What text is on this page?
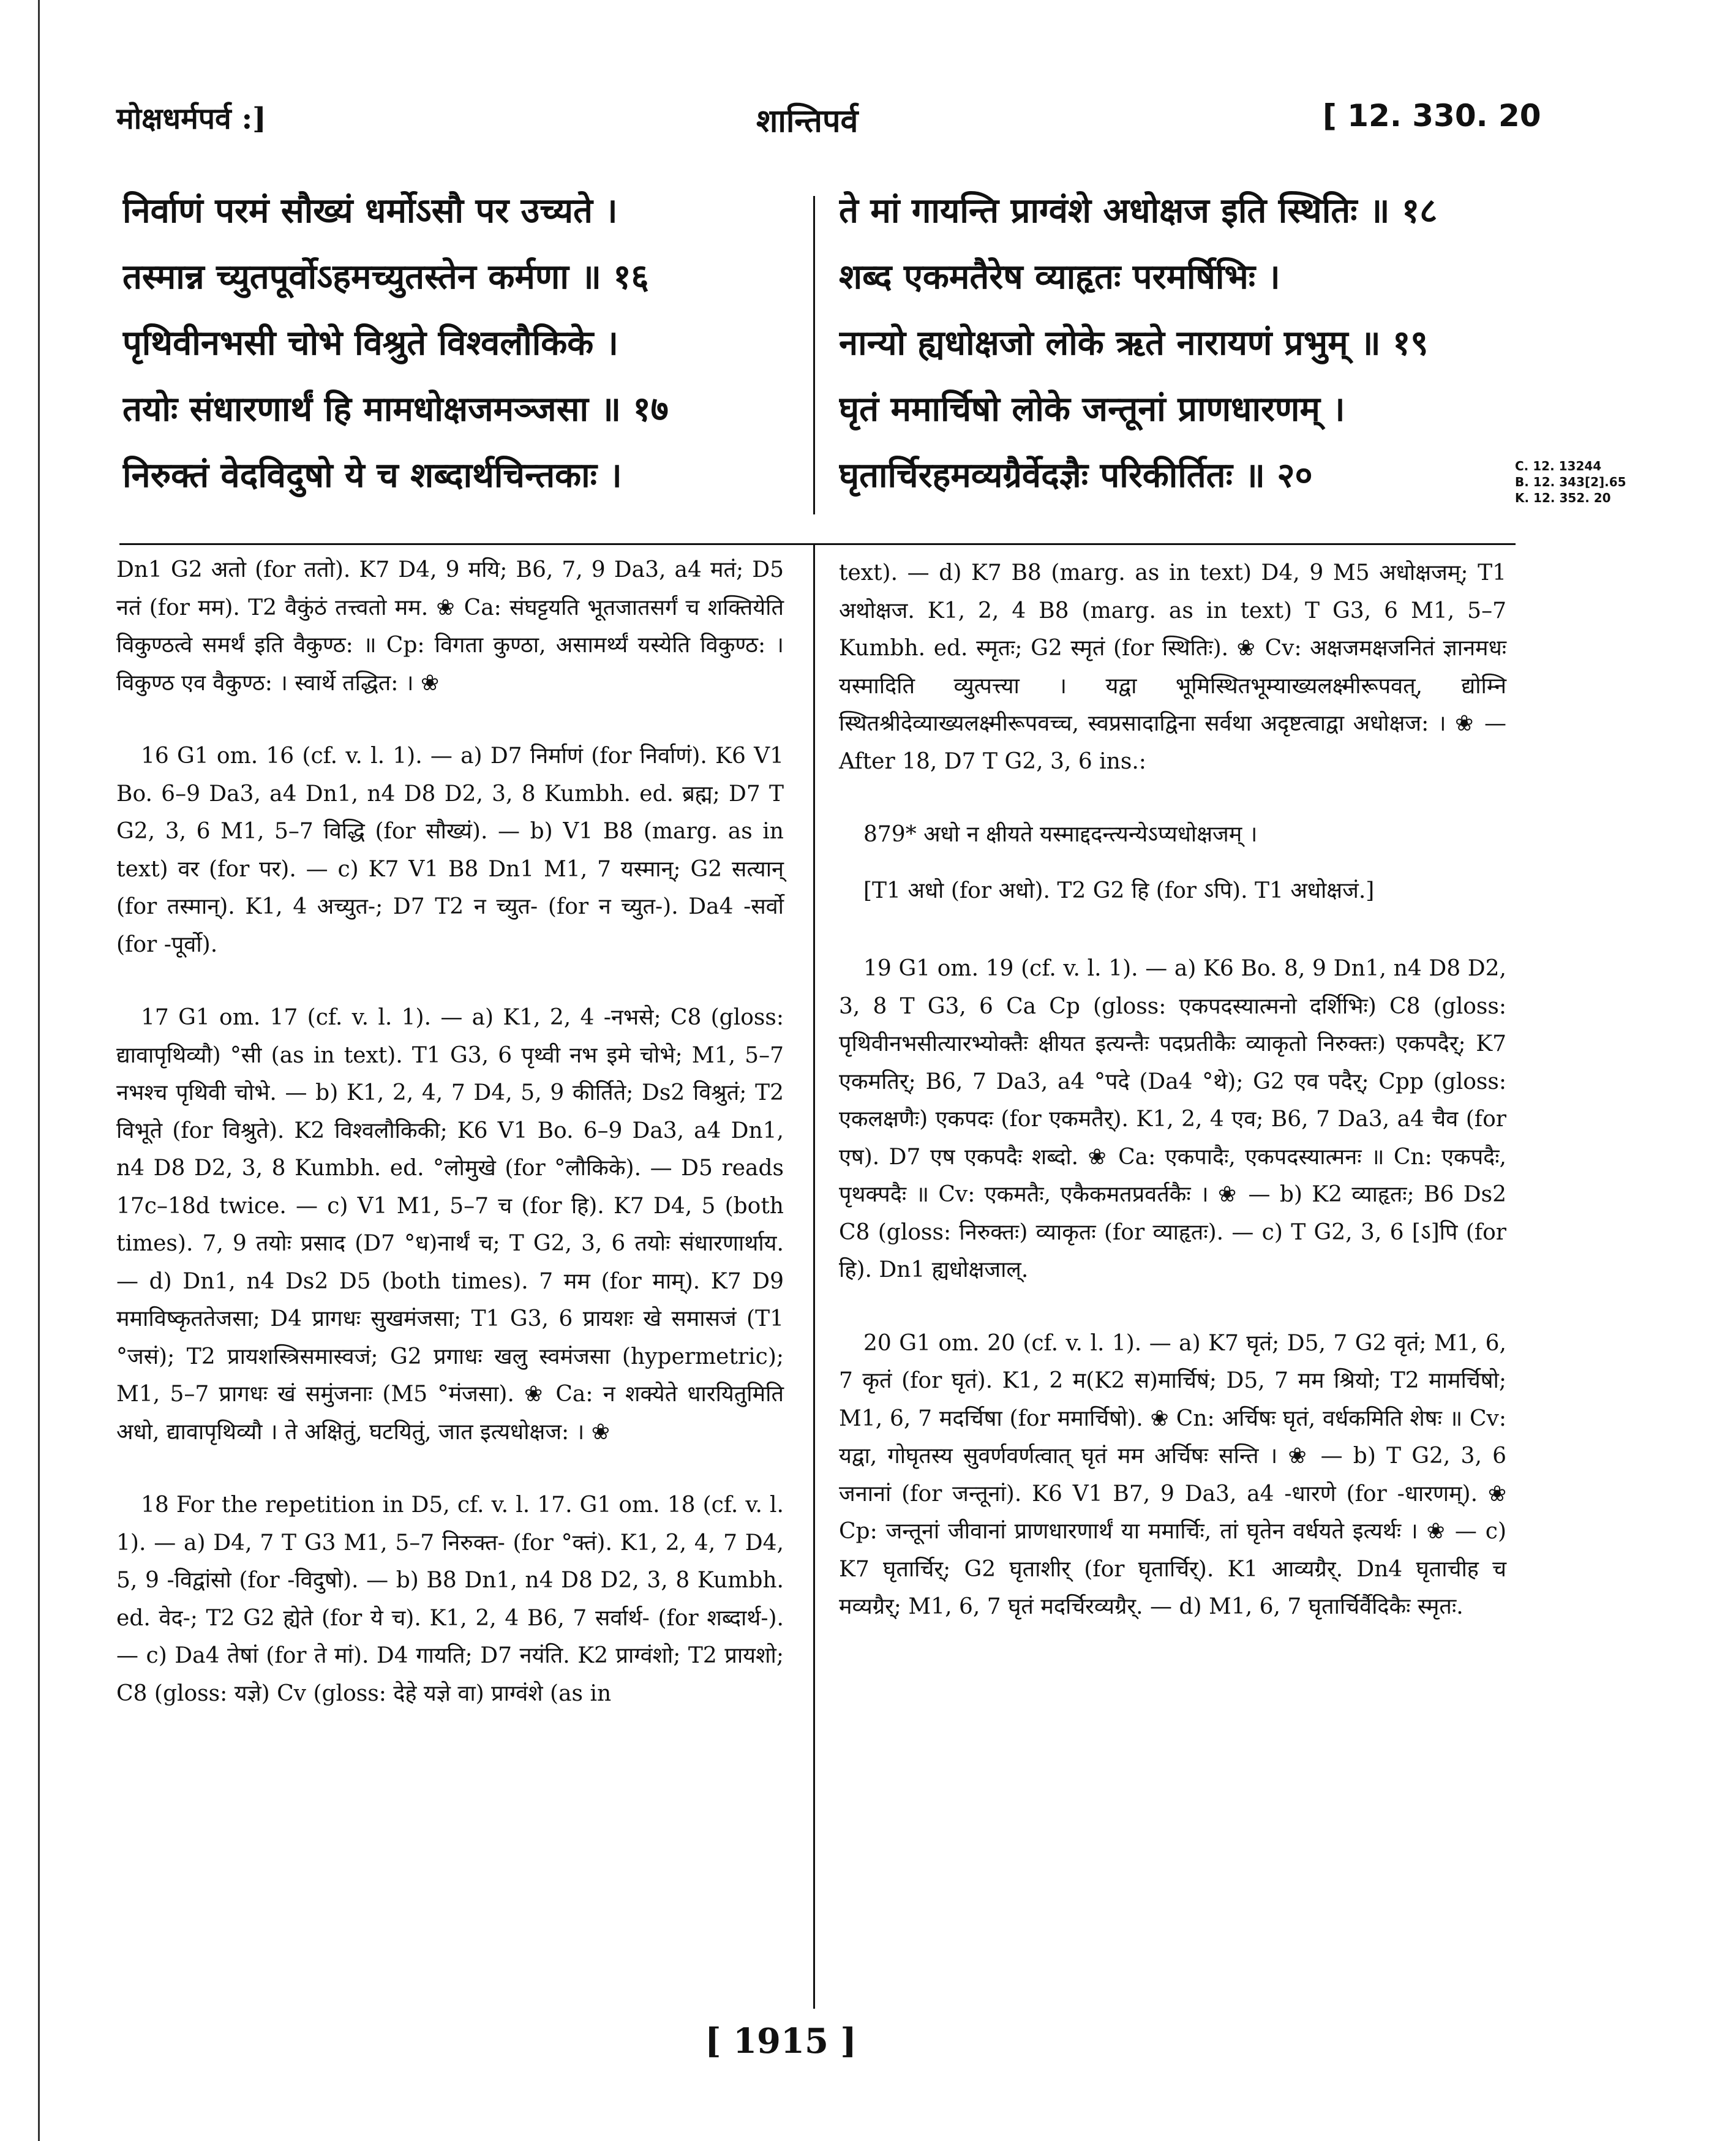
मोक्षधर्मपर्व :]	शान्तिपर्व	[ 12. 330. 20
निर्वाणं परमं सौख्यं धर्मोऽसौ पर उच्यते ।
तस्मान्न च्युतपूर्वोऽहमच्युतस्तेन कर्मणा ॥ १६
पृथिवीनभसी चोभे विश्रुते विश्वलौकिके ।
तयोः संधारणार्थं हि मामधोक्षजमञ्जसा ॥ १७
निरुक्तं वेदविदुषो ये च शब्दार्थचिन्तकाः ।
ते मां गायन्ति प्राग्वंशे अधोक्षज इति स्थितिः ॥ १८
शब्द एकमतैरेष व्याहृतः परमर्षिभिः ।
नान्यो ह्यधोक्षजो लोके ऋते नारायणं प्रभुम् ॥ १९
घृतं ममार्चिषो लोके जन्तूनां प्राणधारणम् ।
घृतार्चिरहमव्यग्रैर्वेदज्ञैः परिकीर्तितः ॥ २०	C. 12. 13244
B. 12. 343[2].65
K. 12. 352. 20

Dn1 G2 अतो (for ततो). K7 D4, 9 मयि; B6, 7, 9 Da3, a4 मतं; D5 नतं (for मम). T2 वैकुंठं तत्त्वतो मम. ❀ Ca: संघट्टयति भूतजातसर्गं च शक्तियेति विकुण्ठत्वे समर्थं इति वैकुण्ठ: ॥ Cp: विगता कुण्ठा, असामर्थ्यं यस्येति विकुण्ठ: । विकुण्ठ एव वैकुण्ठ: । स्वार्थे तद्धित: । ❀

16 G1 om. 16 (cf. v. l. 1). — a) D7 निर्माणं (for निर्वाणं). K6 V1 Bo. 6–9 Da3, a4 Dn1, n4 D8 D2, 3, 8 Kumbh. ed. ब्रह्म; D7 T G2, 3, 6 M1, 5–7 विद्धि (for सौख्यं). — b) V1 B8 (marg. as in text) वर (for पर). — c) K7 V1 B8 Dn1 M1, 7 यस्मान्; G2 सत्यान् (for तस्मान्). K1, 4 अच्युत-; D7 T2 न च्युत- (for न च्युत-). Da4 -सर्वो (for -पूर्वो).

17 G1 om. 17 (cf. v. l. 1). — a) K1, 2, 4 -नभसे; C8 (gloss: द्यावापृथिव्यौ) °सी (as in text). T1 G3, 6 पृथ्वी नभ इमे चोभे; M1, 5–7 नभश्च पृथिवी चोभे. — b) K1, 2, 4, 7 D4, 5, 9 कीर्तिते; Ds2 विश्रुतं; T2 विभूते (for विश्रुते). K2 विश्वलौकिकी; K6 V1 Bo. 6–9 Da3, a4 Dn1, n4 D8 D2, 3, 8 Kumbh. ed. °लोमुखे (for °लौकिके). — D5 reads 17c–18d twice. — c) V1 M1, 5–7 च (for हि). K7 D4, 5 (both times). 7, 9 तयोः प्रसाद (D7 °ध)नार्थं च; T G2, 3, 6 तयोः संधारणार्थाय. — d) Dn1, n4 Ds2 D5 (both times). 7 मम (for माम्). K7 D9 ममाविष्कृततेजसा; D4 प्रागधः सुखमंजसा; T1 G3, 6 प्रायशः खे समासजं (T1 °जसं); T2 प्रायशस्त्रिसमास्वजं; G2 प्रगाधः खलु स्वमंजसा (hypermetric); M1, 5–7 प्रागधः खं समुंजनाः (M5 °मंजसा). ❀ Ca: न शक्येते धारयितुमिति अधो, द्यावापृथिव्यौ । ते अक्षितुं, घटयितुं, जात इत्यधोक्षज: । ❀

18 For the repetition in D5, cf. v. l. 17. G1 om. 18 (cf. v. l. 1). — a) D4, 7 T G3 M1, 5–7 निरुक्त- (for °क्तं). K1, 2, 4, 7 D4, 5, 9 -विद्वांसो (for -विदुषो). — b) B8 Dn1, n4 D8 D2, 3, 8 Kumbh. ed. वेद-; T2 G2 ह्येते (for ये च). K1, 2, 4 B6, 7 सर्वार्थ- (for शब्दार्थ-). — c) Da4 तेषां (for ते मां). D4 गायति; D7 नयंति. K2 प्राग्वंशो; T2 प्रायशो; C8 (gloss: यज्ञे) Cv (gloss: देहे यज्ञे वा) प्राग्वंशे (as in

text). — d) K7 B8 (marg. as in text) D4, 9 M5 अधोक्षजम्; T1 अथोक्षज. K1, 2, 4 B8 (marg. as in text) T G3, 6 M1, 5–7 Kumbh. ed. स्मृतः; G2 स्मृतं (for स्थितिः). ❀ Cv: अक्षजमक्षजनितं ज्ञानमधः यस्मादिति व्युत्पत्त्या । यद्वा भूमिस्थितभूम्याख्यलक्ष्मीरूपवत्, द्योम्नि स्थितश्रीदेव्याख्यलक्ष्मीरूपवच्च, स्वप्रसादाद्विना सर्वथा अदृष्टत्वाद्वा अधोक्षज: । ❀ — After 18, D7 T G2, 3, 6 ins.:

879* अधो न क्षीयते यस्माद्ददन्त्यन्येऽप्यधोक्षजम् ।

[T1 अधो (for अधो). T2 G2 हि (for ऽपि). T1 अधोक्षजं.]

19 G1 om. 19 (cf. v. l. 1). — a) K6 Bo. 8, 9 Dn1, n4 D8 D2, 3, 8 T G3, 6 Ca Cp (gloss: एकपदस्यात्मनो दर्शिभिः) C8 (gloss: पृथिवीनभसीत्यारभ्योक्तैः क्षीयत इत्यन्तैः पदप्रतीकैः व्याकृतो निरुक्तः) एकपदैर्; K7 एकमतिर्; B6, 7 Da3, a4 °पदे (Da4 °थे); G2 एव पदैर्; Cpp (gloss: एकलक्षणैः) एकपदः (for एकमतैर्). K1, 2, 4 एव; B6, 7 Da3, a4 चैव (for एष). D7 एष एकपदैः शब्दो. ❀ Ca: एकपादैः, एकपदस्यात्मनः ॥ Cn: एकपदैः, पृथक्पदैः ॥ Cv: एकमतैः, एकैकमतप्रवर्तकैः । ❀ — b) K2 व्याहृतः; B6 Ds2 C8 (gloss: निरुक्तः) व्याकृतः (for व्याहृतः). — c) T G2, 3, 6 [ऽ]पि (for हि). Dn1 ह्यधोक्षजाल्.

20 G1 om. 20 (cf. v. l. 1). — a) K7 घृतं; D5, 7 G2 वृतं; M1, 6, 7 कृतं (for घृतं). K1, 2 म(K2 स)मार्चिषं; D5, 7 मम श्रियो; T2 मामर्चिषो; M1, 6, 7 मदर्चिषा (for ममार्चिषो). ❀ Cn: अर्चिषः घृतं, वर्धकमिति शेषः ॥ Cv: यद्वा, गोघृतस्य सुवर्णवर्णत्वात् घृतं मम अर्चिषः सन्ति । ❀ — b) T G2, 3, 6 जनानां (for जन्तूनां). K6 V1 B7, 9 Da3, a4 -धारणे (for -धारणम्). ❀ Cp: जन्तूनां जीवानां प्राणधारणार्थं या ममार्चिः, तां घृतेन वर्धयते इत्यर्थः । ❀ — c) K7 घृतार्चिर्; G2 घृताशीर् (for घृतार्चिर्). K1 आव्यग्रैर्. Dn4 घृताचीह च मव्यग्रैर्; M1, 6, 7 घृतं मदर्चिरव्यग्रैर्. — d) M1, 6, 7 घृतार्चिर्वैदिकैः स्मृतः.

[ 1915 ]
